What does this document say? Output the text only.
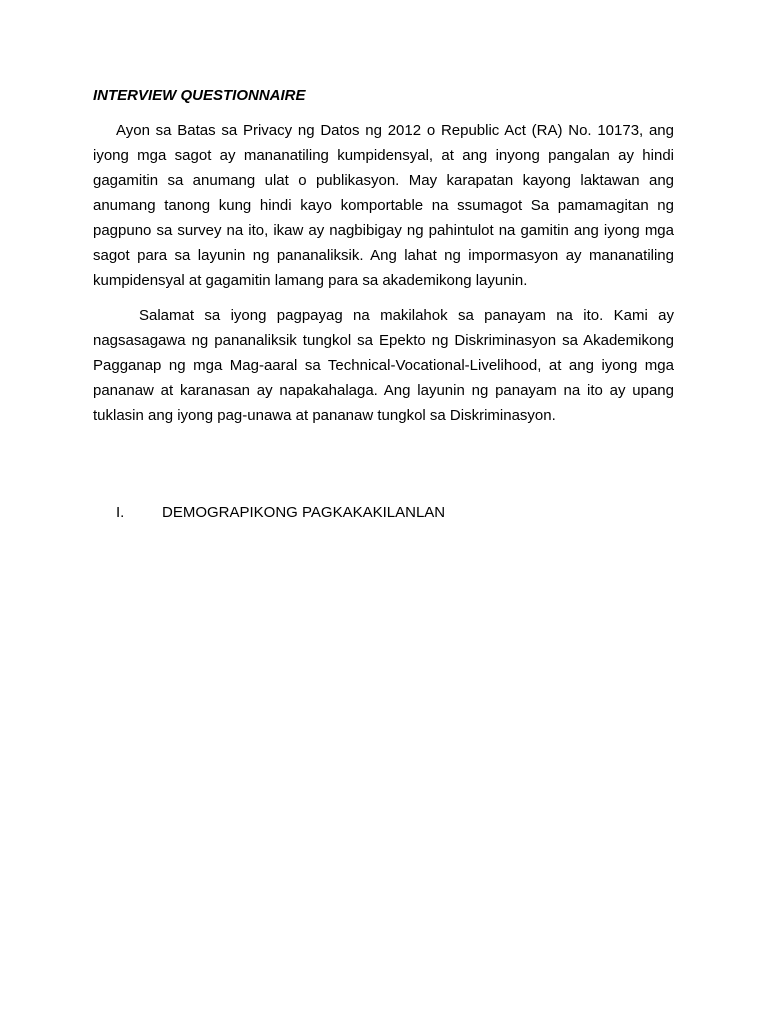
INTERVIEW QUESTIONNAIRE

Ayon sa Batas sa Privacy ng Datos ng 2012 o Republic Act (RA) No. 10173, ang iyong mga sagot ay mananatiling kumpidensyal, at ang inyong pangalan ay hindi gagamitin sa anumang ulat o publikasyon. May karapatan kayong laktawan ang anumang tanong kung hindi kayo komportable na ssumagot Sa pamamagitan ng pagpuno sa survey na ito, ikaw ay nagbibigay ng pahintulot na gamitin ang iyong mga sagot para sa layunin ng pananaliksik. Ang lahat ng impormasyon ay mananatiling kumpidensyal at gagamitin lamang para sa akademikong layunin.

Salamat sa iyong pagpayag na makilahok sa panayam na ito. Kami ay nagsasagawa ng pananaliksik tungkol sa Epekto ng Diskriminasyon sa Akademikong Pagganap ng mga Mag-aaral sa Technical-Vocational-Livelihood, at ang iyong mga pananaw at karanasan ay napakahalaga. Ang layunin ng panayam na ito ay upang tuklasin ang iyong pag-unawa at pananaw tungkol sa Diskriminasyon.

I.	DEMOGRAPIKONG PAGKAKAKILANLAN
